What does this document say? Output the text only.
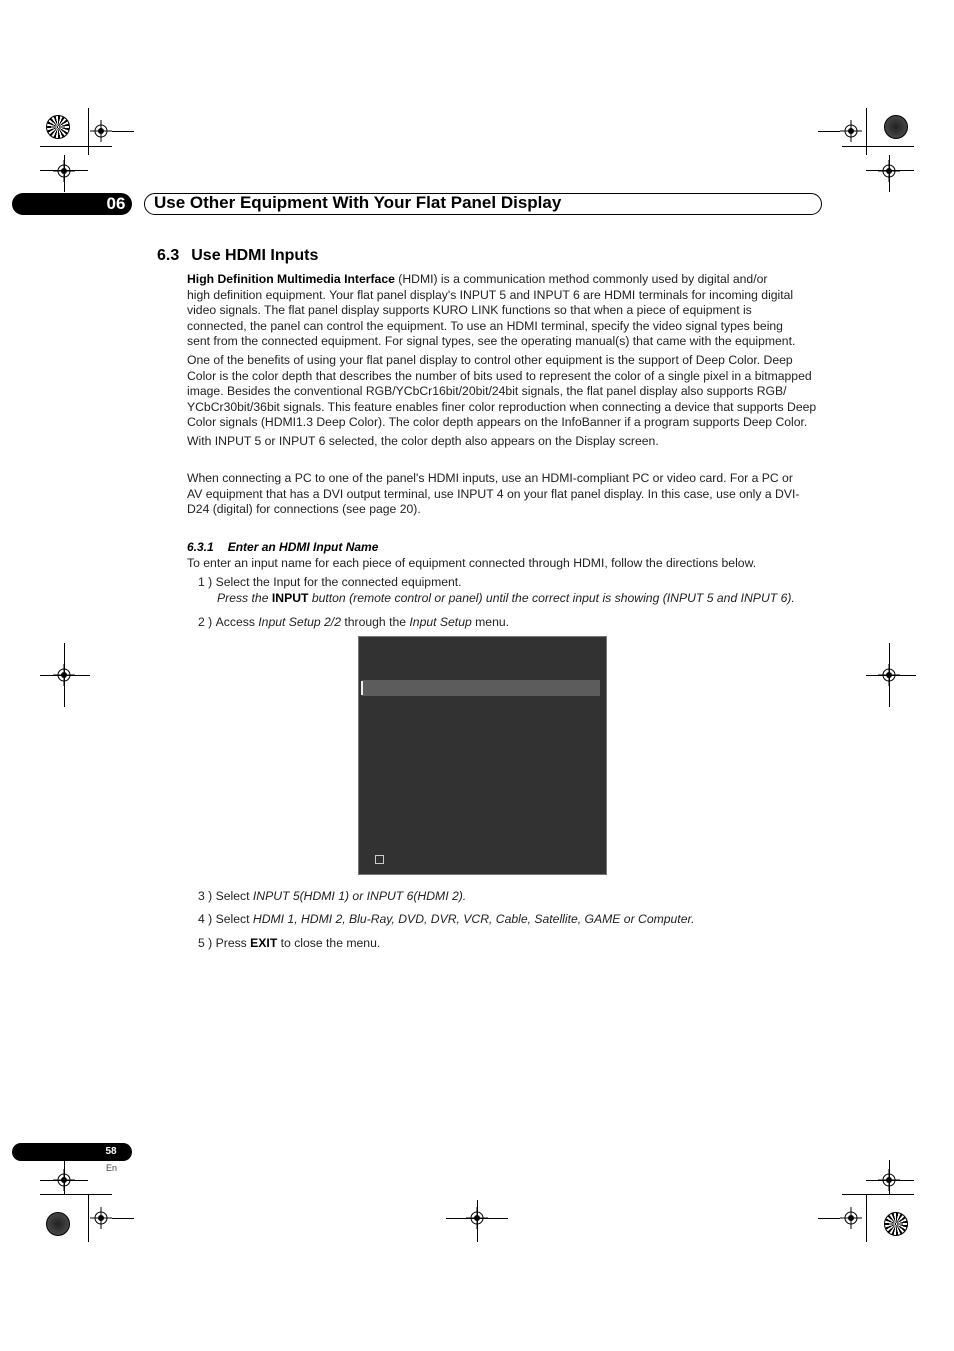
06	Use Other Equipment With Your Flat Panel Display
6.3 Use HDMI Inputs
High Definition Multimedia Interface (HDMI) is a communication method commonly used by digital and/or
high definition equipment. Your flat panel display's INPUT 5 and INPUT 6 are HDMI terminals for incoming digital
video signals. The flat panel display supports KURO LINK functions so that when a piece of equipment is
connected, the panel can control the equipment. To use an HDMI terminal, specify the video signal types being
sent from the connected equipment. For signal types, see the operating manual(s) that came with the equipment.
One of the benefits of using your flat panel display to control other equipment is the support of Deep Color. Deep
Color is the color depth that describes the number of bits used to represent the color of a single pixel in a bitmapped
image. Besides the conventional RGB/YCbCr16bit/20bit/24bit signals, the flat panel display also supports RGB/
YCbCr30bit/36bit signals. This feature enables finer color reproduction when connecting a device that supports Deep
Color signals (HDMI1.3 Deep Color). The color depth appears on the InfoBanner if a program supports Deep Color.
With INPUT 5 or INPUT 6 selected, the color depth also appears on the Display screen.
When connecting a PC to one of the panel's HDMI inputs, use an HDMI-compliant PC or video card. For a PC or
AV equipment that has a DVI output terminal, use INPUT 4 on your flat panel display. In this case, use only a DVI-
D24 (digital) for connections (see page 20).
6.3.1 Enter an HDMI Input Name
To enter an input name for each piece of equipment connected through HDMI, follow the directions below.
1 ) Select the Input for the connected equipment.
Press the INPUT button (remote control or panel) until the correct input is showing (INPUT 5 and INPUT 6).
2 ) Access Input Setup 2/2 through the Input Setup menu.
3 ) Select INPUT 5(HDMI 1) or INPUT 6(HDMI 2).
4 ) Select HDMI 1, HDMI 2, Blu-Ray, DVD, DVR, VCR, Cable, Satellite, GAME or Computer.
5 ) Press EXIT to close the menu.
58
En
